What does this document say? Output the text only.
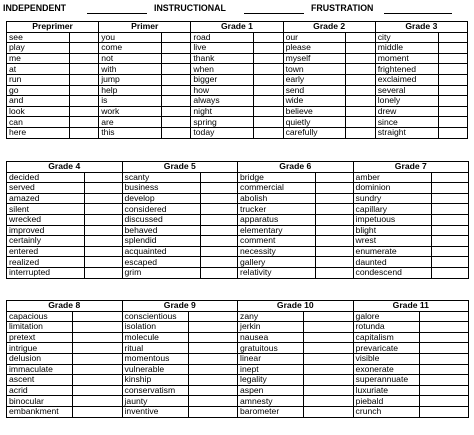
INDEPENDENT	INSTRUCTIONAL	FRUSTRATION
Preprimer		Primer		Grade 1		Grade 2		Grade 3	
see		you		road		our		city	
play		come		live		please		middle	
me		not		thank		myself		moment	
at		with		when		town		frightened	
run		jump		bigger		early		exclaimed	
go		help		how		send		several	
and		is		always		wide		lonely	
look		work		night		believe		drew	
can		are		spring		quietly		since	
here		this		today		carefully		straight	
Grade 4		Grade 5		Grade 6		Grade 7	
decided		scanty		bridge		amber	
served		business		commercial		dominion	
amazed		develop		abolish		sundry	
silent		considered		trucker		capillary	
wrecked		discussed		apparatus		impetuous	
improved		behaved		elementary		blight	
certainly		splendid		comment		wrest	
entered		acquainted		necessity		enumerate	
realized		escaped		gallery		daunted	
interrupted		grim		relativity		condescend	
Grade 8		Grade 9		Grade 10		Grade 11	
capacious		conscientious		zany		galore	
limitation		isolation		jerkin		rotunda	
pretext		molecule		nausea		capitalism	
intrigue		ritual		gratuitous		prevaricate	
delusion		momentous		linear		visible	
immaculate		vulnerable		inept		exonerate	
ascent		kinship		legality		superannuate	
acrid		conservatism		aspen		luxuriate	
binocular		jaunty		amnesty		piebald	
embankment		inventive		barometer		crunch	
